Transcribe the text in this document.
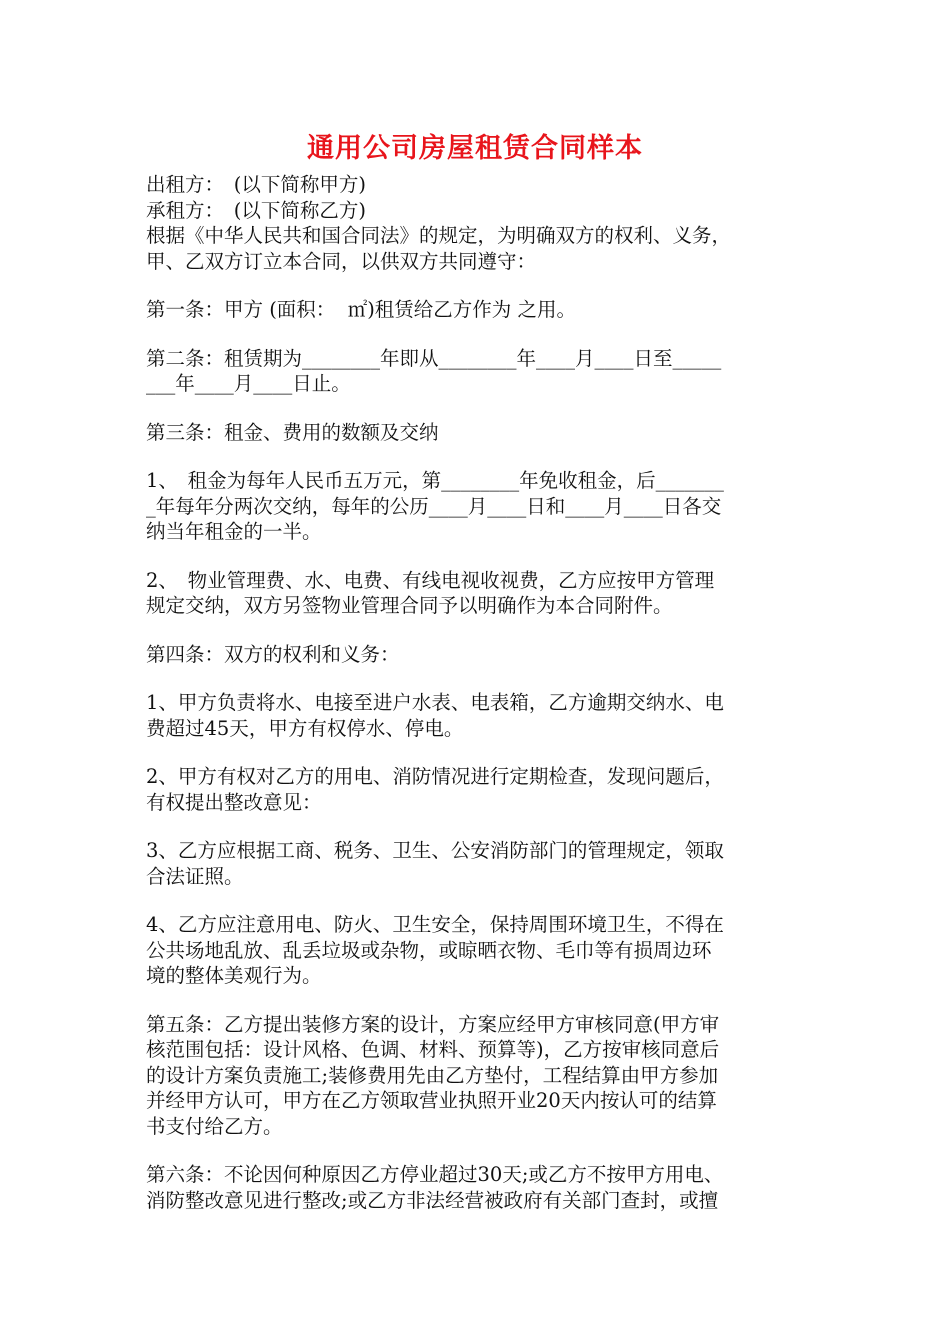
通用公司房屋租赁合同样本
出租方：　(以下简称甲方)
承租方：　(以下简称乙方)
根据《中华人民共和国合同法》的规定，为明确双方的权利、义务，
甲、乙双方订立本合同，以供双方共同遵守：
第一条：甲方 (面积：  ㎡)租赁给乙方作为 之用。
第二条：租赁期为________年即从________年____月____日至_____
___年____月____日止。
第三条：租金、费用的数额及交纳
1、　租金为每年人民币五万元，第________年免收租金，后_______
_年每年分两次交纳，每年的公历____月____日和____月____日各交
纳当年租金的一半。
2、　物业管理费、水、电费、有线电视收视费，乙方应按甲方管理
规定交纳，双方另签物业管理合同予以明确作为本合同附件。
第四条：双方的权利和义务：
1、甲方负责将水、电接至进户水表、电表箱，乙方逾期交纳水、电
费超过45天，甲方有权停水、停电。
2、甲方有权对乙方的用电、消防情况进行定期检查，发现问题后，
有权提出整改意见：
3、乙方应根据工商、税务、卫生、公安消防部门的管理规定，领取
合法证照。
4、乙方应注意用电、防火、卫生安全，保持周围环境卫生，不得在
公共场地乱放、乱丢垃圾或杂物，或晾晒衣物、毛巾等有损周边环
境的整体美观行为。
第五条：乙方提出装修方案的设计，方案应经甲方审核同意(甲方审
核范围包括：设计风格、色调、材料、预算等)，乙方按审核同意后
的设计方案负责施工;装修费用先由乙方垫付，工程结算由甲方参加
并经甲方认可，甲方在乙方领取营业执照开业20天内按认可的结算
书支付给乙方。
第六条：不论因何种原因乙方停业超过30天;或乙方不按甲方用电、
消防整改意见进行整改;或乙方非法经营被政府有关部门查封，或擅
